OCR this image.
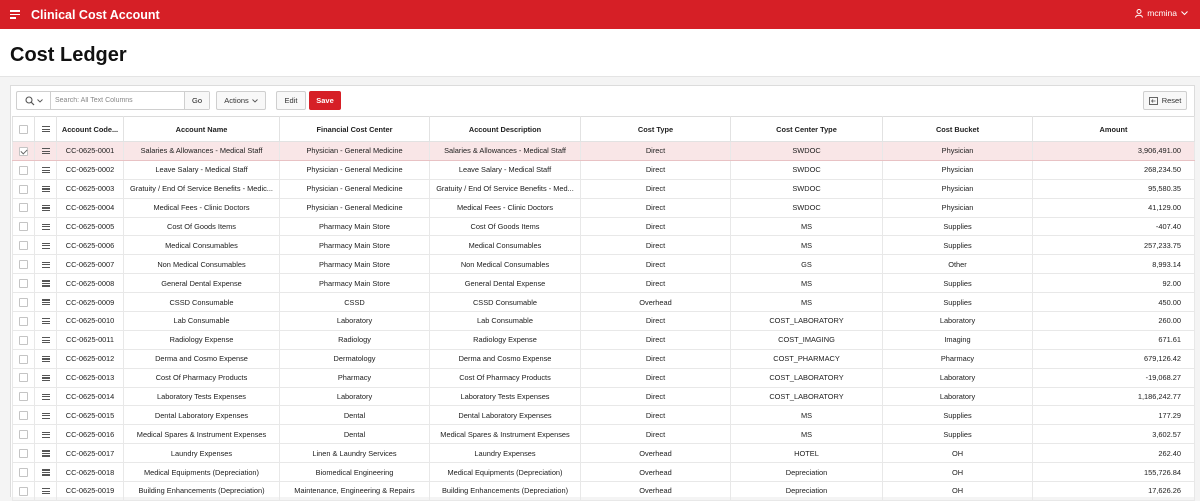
Clinical Cost Account	mcmina
Cost Ledger
Search: All Text Columns
Go	Actions	Edit	Save	Reset

	Account Code...	Account Name	Financial Cost Center	Account Description	Cost Type	Cost Center Type	Cost Bucket	Amount

	CC-0625-0001	Salaries & Allowances - Medical Staff	Physician - General Medicine	Salaries & Allowances - Medical Staff	Direct	SWDOC	Physician	3,906,491.00

	CC-0625-0002	Leave Salary - Medical Staff	Physician - General Medicine	Leave Salary - Medical Staff	Direct	SWDOC	Physician	268,234.50

	CC-0625-0003	Gratuity / End Of Service Benefits - Medic...	Physician - General Medicine	Gratuity / End Of Service Benefits - Med...	Direct	SWDOC	Physician	95,580.35

	CC-0625-0004	Medical Fees - Clinic Doctors	Physician - General Medicine	Medical Fees - Clinic Doctors	Direct	SWDOC	Physician	41,129.00

	CC-0625-0005	Cost Of Goods Items	Pharmacy Main Store	Cost Of Goods Items	Direct	MS	Supplies	-407.40

	CC-0625-0006	Medical Consumables	Pharmacy Main Store	Medical Consumables	Direct	MS	Supplies	257,233.75

	CC-0625-0007	Non Medical Consumables	Pharmacy Main Store	Non Medical Consumables	Direct	GS	Other	8,993.14

	CC-0625-0008	General Dental Expense	Pharmacy Main Store	General Dental Expense	Direct	MS	Supplies	92.00

	CC-0625-0009	CSSD Consumable	CSSD	CSSD Consumable	Overhead	MS	Supplies	450.00

	CC-0625-0010	Lab Consumable	Laboratory	Lab Consumable	Direct	COST_LABORATORY	Laboratory	260.00

	CC-0625-0011	Radiology Expense	Radiology	Radiology Expense	Direct	COST_IMAGING	Imaging	671.61

	CC-0625-0012	Derma and Cosmo Expense	Dermatology	Derma and Cosmo Expense	Direct	COST_PHARMACY	Pharmacy	679,126.42

	CC-0625-0013	Cost Of Pharmacy Products	Pharmacy	Cost Of Pharmacy Products	Direct	COST_LABORATORY	Laboratory	-19,068.27

	CC-0625-0014	Laboratory Tests Expenses	Laboratory	Laboratory Tests Expenses	Direct	COST_LABORATORY	Laboratory	1,186,242.77

	CC-0625-0015	Dental Laboratory Expenses	Dental	Dental Laboratory Expenses	Direct	MS	Supplies	177.29

	CC-0625-0016	Medical Spares & Instrument Expenses	Dental	Medical Spares & Instrument Expenses	Direct	MS	Supplies	3,602.57

	CC-0625-0017	Laundry Expenses	Linen & Laundry Services	Laundry Expenses	Overhead	HOTEL	OH	262.40

	CC-0625-0018	Medical Equipments (Depreciation)	Biomedical Engineering	Medical Equipments (Depreciation)	Overhead	Depreciation	OH	155,726.84

	CC-0625-0019	Building Enhancements (Depreciation)	Maintenance, Engineering & Repairs	Building Enhancements (Depreciation)	Overhead	Depreciation	OH	17,626.26
